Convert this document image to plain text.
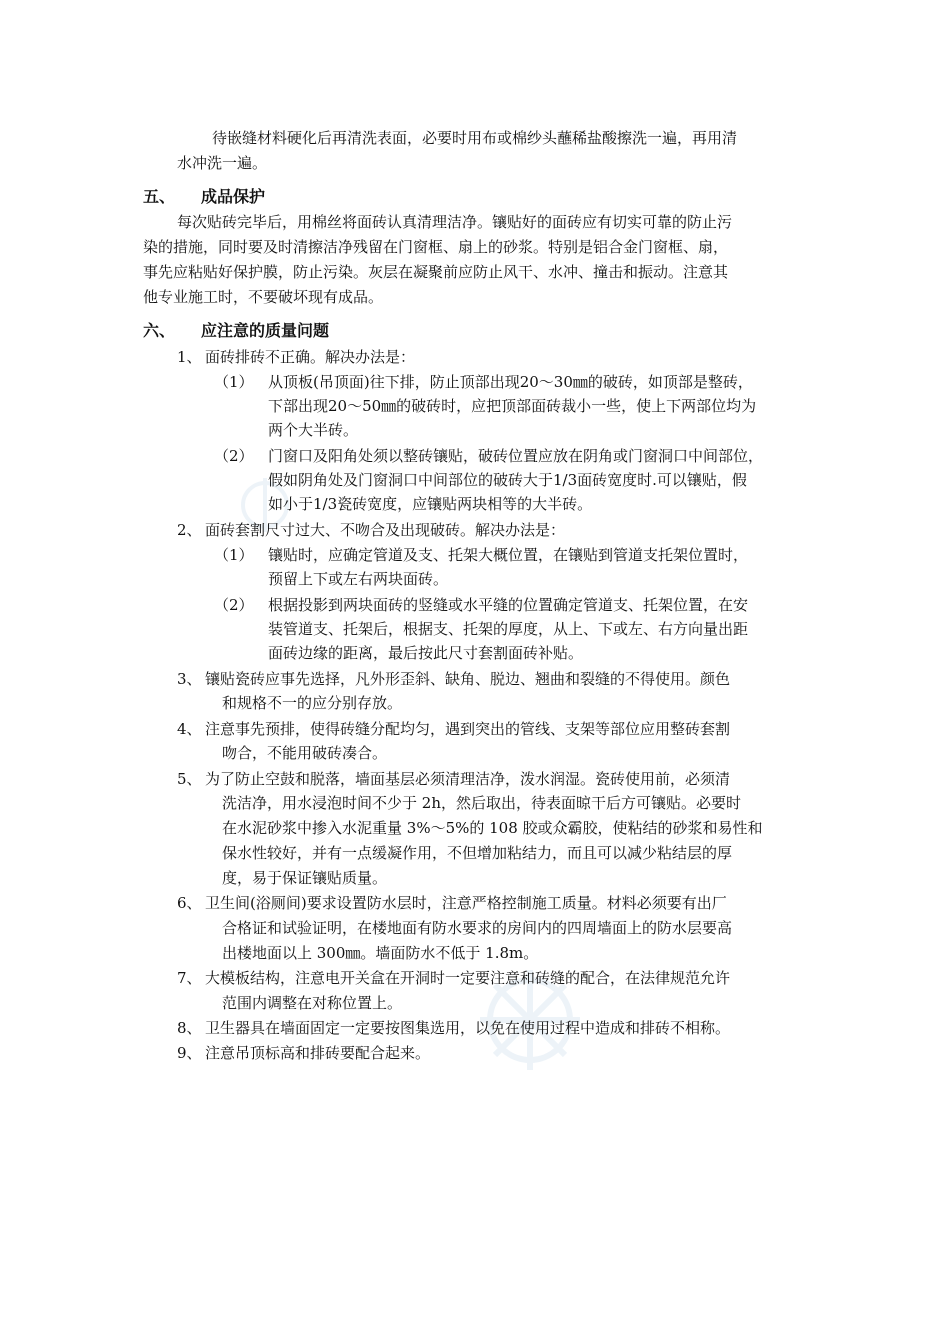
待嵌缝材料硬化后再清洗表面，必要时用布或棉纱头蘸稀盐酸擦洗一遍，再用清
水冲洗一遍。
五、 成品保护
每次贴砖完毕后，用棉丝将面砖认真清理洁净。镶贴好的面砖应有切实可靠的防止污
染的措施，同时要及时清擦洁净残留在门窗框、扇上的砂浆。特别是铝合金门窗框、扇，
事先应粘贴好保护膜，防止污染。灰层在凝聚前应防止风干、水冲、撞击和振动。注意其
他专业施工时，不要破坏现有成品。
六、 应注意的质量问题
1、 面砖排砖不正确。解决办法是：
（1） 从顶板(吊顶面)往下排，防止顶部出现20～30㎜的破砖，如顶部是整砖，
下部出现20～50㎜的破砖时，应把顶部面砖裁小一些，使上下两部位均为
两个大半砖。
（2） 门窗口及阳角处须以整砖镶贴，破砖位置应放在阴角或门窗洞口中间部位，
假如阴角处及门窗洞口中间部位的破砖大于1/3面砖宽度时.可以镶贴，假
如小于1/3瓷砖宽度，应镶贴两块相等的大半砖。
2、 面砖套割尺寸过大、不吻合及出现破砖。解决办法是：
（1） 镶贴时，应确定管道及支、托架大概位置，在镶贴到管道支托架位置时，
预留上下或左右两块面砖。
（2） 根据投影到两块面砖的竖缝或水平缝的位置确定管道支、托架位置，在安
装管道支、托架后，根据支、托架的厚度，从上、下或左、右方向量出距
面砖边缘的距离，最后按此尺寸套割面砖补贴。
3、 镶贴瓷砖应事先选择，凡外形歪斜、缺角、脱边、翘曲和裂缝的不得使用。颜色
和规格不一的应分别存放。
4、 注意事先预排，使得砖缝分配均匀，遇到突出的管线、支架等部位应用整砖套割
吻合，不能用破砖凑合。
5、 为了防止空鼓和脱落，墙面基层必须清理洁净，泼水润湿。瓷砖使用前，必须清
洗洁净，用水浸泡时间不少于 2h，然后取出，待表面晾干后方可镶贴。必要时
在水泥砂浆中掺入水泥重量 3%～5%的 108 胶或众霸胶，使粘结的砂浆和易性和
保水性较好，并有一点缓凝作用，不但增加粘结力，而且可以减少粘结层的厚
度，易于保证镶贴质量。
6、 卫生间(浴厕间)要求设置防水层时，注意严格控制施工质量。材料必须要有出厂
合格证和试验证明，在楼地面有防水要求的房间内的四周墙面上的防水层要高
出楼地面以上 300㎜。墙面防水不低于 1.8m。
7、 大模板结构，注意电开关盒在开洞时一定要注意和砖缝的配合，在法律规范允许
范围内调整在对称位置上。
8、 卫生器具在墙面固定一定要按图集选用，以免在使用过程中造成和排砖不相称。
9、 注意吊顶标高和排砖要配合起来。
